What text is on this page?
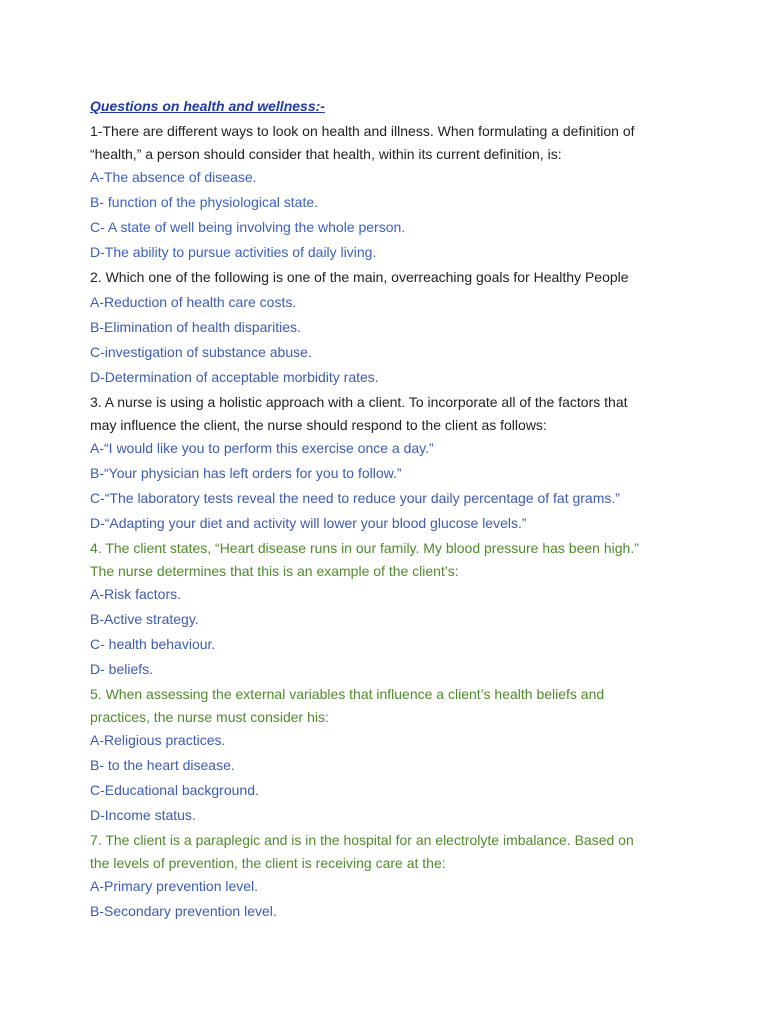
Questions on health and wellness:-

1-There are different ways to look on health and illness. When formulating a definition of

“health,” a person should consider that health, within its current definition, is:

A-The absence of disease.

B- function of the physiological state.

C- A state of well being involving the whole person.

D-The ability to pursue activities of daily living.

2. Which one of the following is one of the main, overreaching goals for Healthy People

A-Reduction of health care costs.

B-Elimination of health disparities.

C-investigation of substance abuse.

D-Determination of acceptable morbidity rates.

3. A nurse is using a holistic approach with a client. To incorporate all of the factors that

may influence the client, the nurse should respond to the client as follows:

A-“I would like you to perform this exercise once a day.”

B-“Your physician has left orders for you to follow.”

C-“The laboratory tests reveal the need to reduce your daily percentage of fat grams.”

D-“Adapting your diet and activity will lower your blood glucose levels.”

4. The client states, “Heart disease runs in our family. My blood pressure has been high.”

The nurse determines that this is an example of the client’s:

A-Risk factors.

B-Active strategy.

C- health behaviour.

D- beliefs.

5. When assessing the external variables that influence a client’s health beliefs and

practices, the nurse must consider his:

A-Religious practices.

B- to the heart disease.

C-Educational background.

D-Income status.

7. The client is a paraplegic and is in the hospital for an electrolyte imbalance. Based on

the levels of prevention, the client is receiving care at the:

A-Primary prevention level.

B-Secondary prevention level.
